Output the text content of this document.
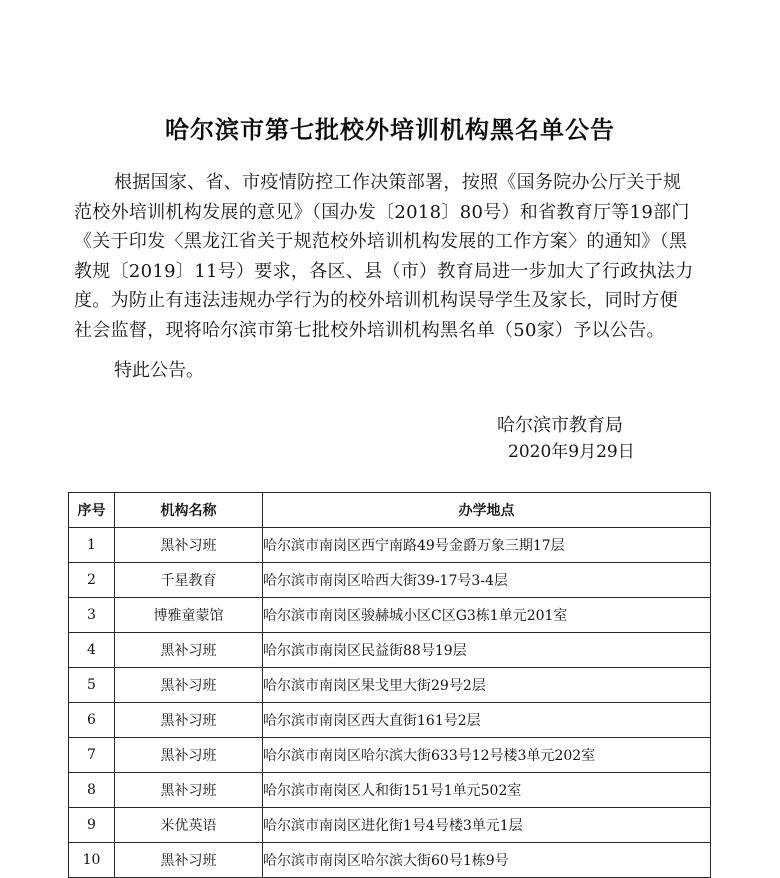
哈尔滨市第七批校外培训机构黑名单公告

根据国家、省、市疫情防控工作决策部署，按照《国务院办公厅关于规范校外培训机构发展的意见》（国办发〔2018〕80号）和省教育厅等19部门《关于印发〈黑龙江省关于规范校外培训机构发展的工作方案〉的通知》（黑教规〔2019〕11号）要求，各区、县（市）教育局进一步加大了行政执法力度。为防止有违法违规办学行为的校外培训机构误导学生及家长，同时方便社会监督，现将哈尔滨市第七批校外培训机构黑名单（50家）予以公告。

特此公告。
哈尔滨市教育局
2020年9月29日
序号	机构名称	办学地点
1	黑补习班	哈尔滨市南岗区西宁南路49号金爵万象三期17层
2	千星教育	哈尔滨市南岗区哈西大街39-17号3-4层
3	博雅童蒙馆	哈尔滨市南岗区骏赫城小区C区G3栋1单元201室
4	黑补习班	哈尔滨市南岗区民益街88号19层
5	黑补习班	哈尔滨市南岗区果戈里大街29号2层
6	黑补习班	哈尔滨市南岗区西大直街161号2层
7	黑补习班	哈尔滨市南岗区哈尔滨大街633号12号楼3单元202室
8	黑补习班	哈尔滨市南岗区人和街151号1单元502室
9	米优英语	哈尔滨市南岗区进化街1号4号楼3单元1层
10	黑补习班	哈尔滨市南岗区哈尔滨大街60号1栋9号
